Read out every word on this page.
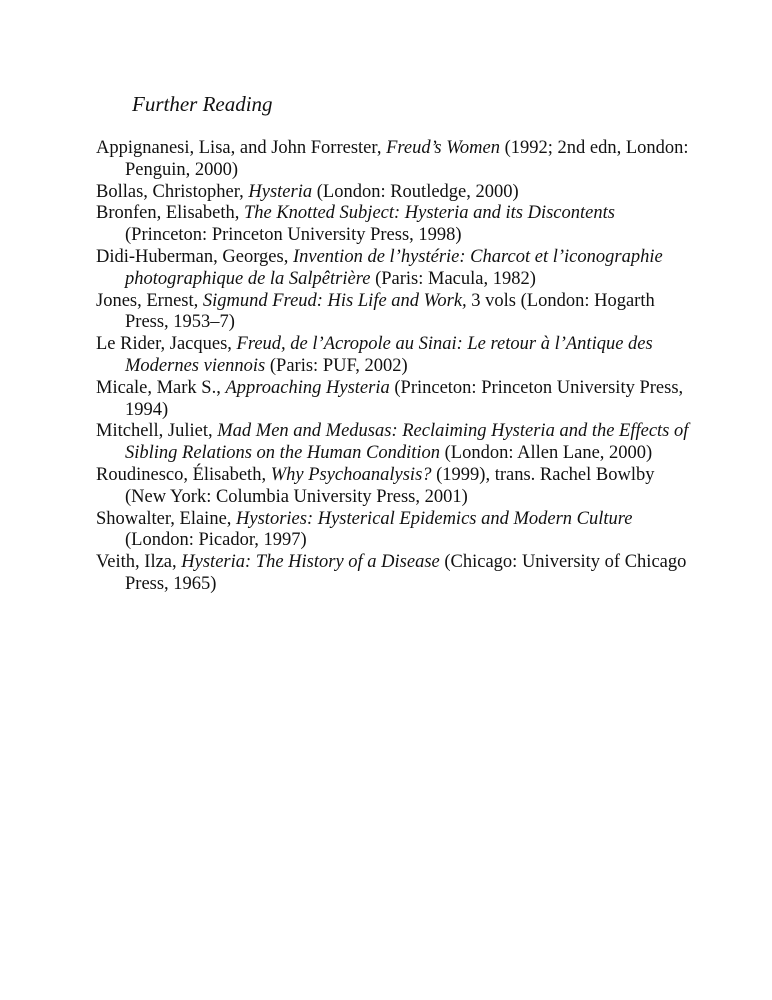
Further Reading
Appignanesi, Lisa, and John Forrester, Freud’s Women (1992; 2nd edn, London: Penguin, 2000)
Bollas, Christopher, Hysteria (London: Routledge, 2000)
Bronfen, Elisabeth, The Knotted Subject: Hysteria and its Discontents (Princeton: Princeton University Press, 1998)
Didi-Huberman, Georges, Invention de l’hystérie: Charcot et l’iconographie photographique de la Salpêtrière (Paris: Macula, 1982)
Jones, Ernest, Sigmund Freud: His Life and Work, 3 vols (London: Hogarth Press, 1953–7)
Le Rider, Jacques, Freud, de l’Acropole au Sinai: Le retour à l’Antique des Modernes viennois (Paris: PUF, 2002)
Micale, Mark S., Approaching Hysteria (Princeton: Princeton University Press, 1994)
Mitchell, Juliet, Mad Men and Medusas: Reclaiming Hysteria and the Effects of Sibling Relations on the Human Condition (London: Allen Lane, 2000)
Roudinesco, Élisabeth, Why Psychoanalysis? (1999), trans. Rachel Bowlby (New York: Columbia University Press, 2001)
Showalter, Elaine, Hystories: Hysterical Epidemics and Modern Culture (London: Picador, 1997)
Veith, Ilza, Hysteria: The History of a Disease (Chicago: University of Chicago Press, 1965)
